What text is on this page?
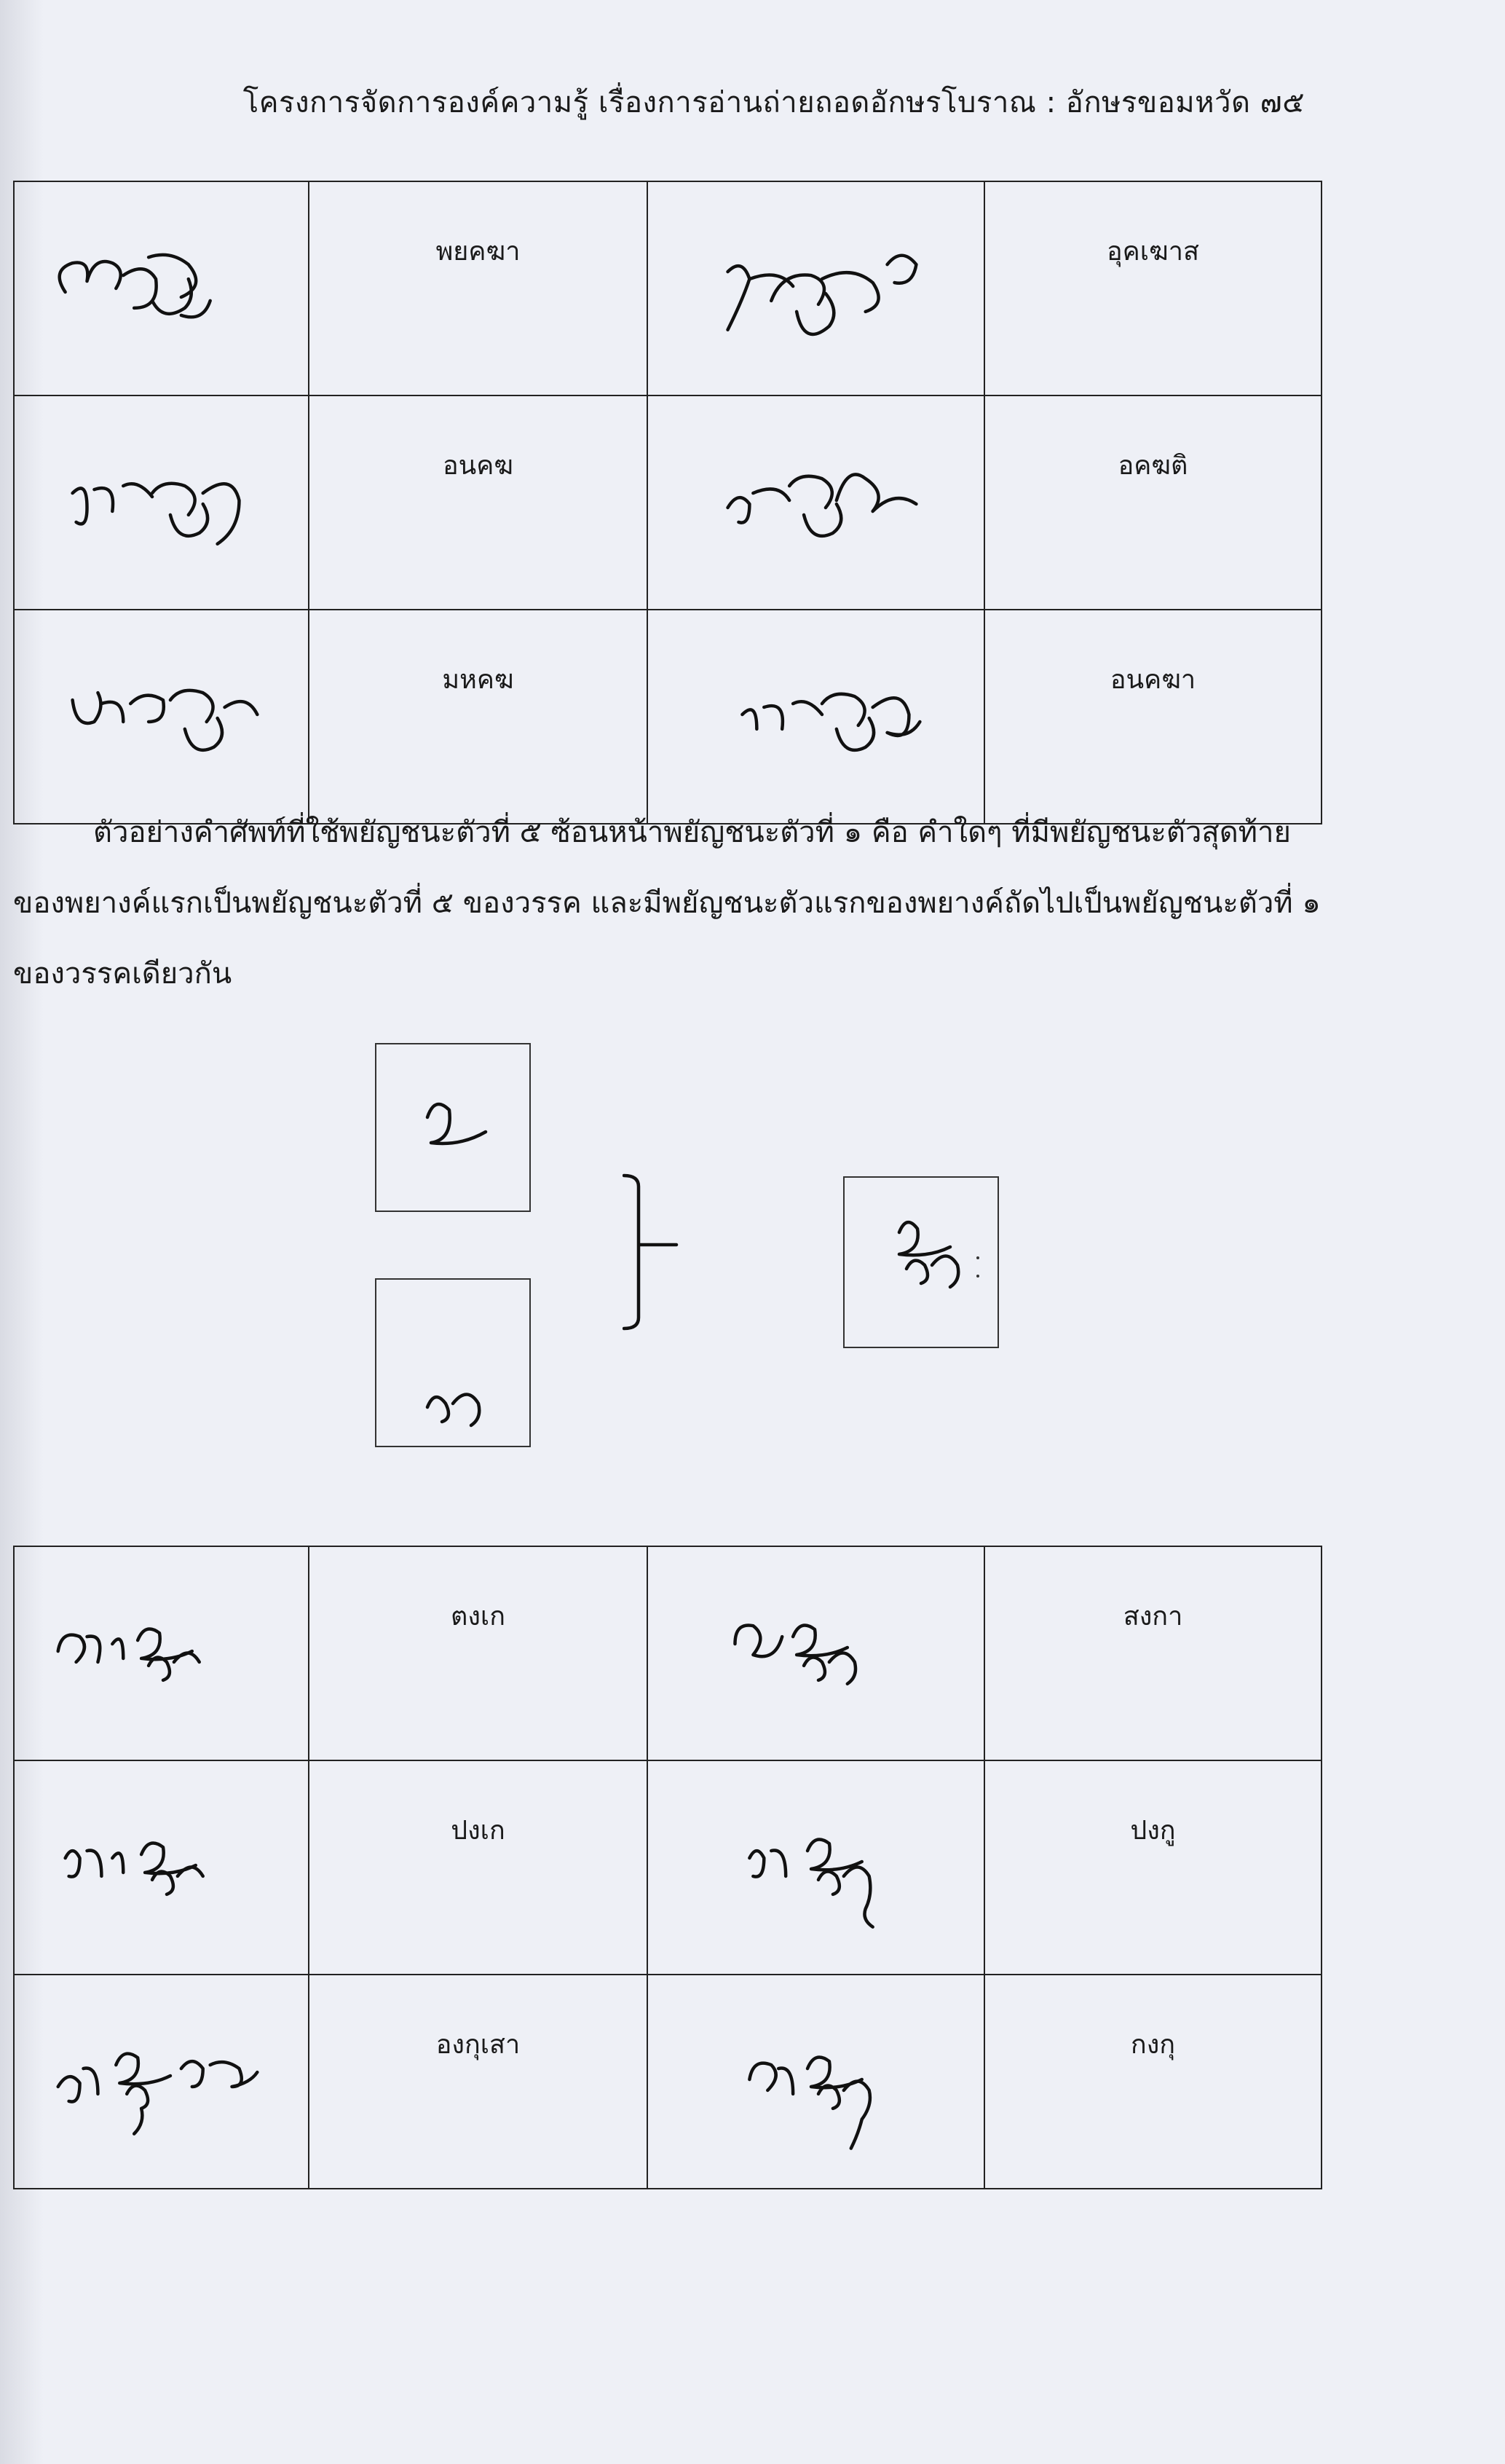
โครงการจัดการองค์ความรู้ เรื่องการอ่านถ่ายถอดอักษรโบราณ : อักษรขอมหวัด ๗๕
	พยคฆา		อุคเฆาส

	อนคฆ		อคฆติ

	มหคฆ		อนคฆา
ตัวอย่างคำศัพท์ที่ใช้พยัญชนะตัวที่ ๕ ซ้อนหน้าพยัญชนะตัวที่ ๑ คือ คำใดๆ ที่มีพยัญชนะตัวสุดท้าย
ของพยางค์แรกเป็นพยัญชนะตัวที่ ๕ ของวรรค และมีพยัญชนะตัวแรกของพยางค์ถัดไปเป็นพยัญชนะตัวที่ ๑
ของวรรคเดียวกัน
	ตงเก		สงกา

	ปงเก		ปงกู

	องกุเสา		กงกุ
